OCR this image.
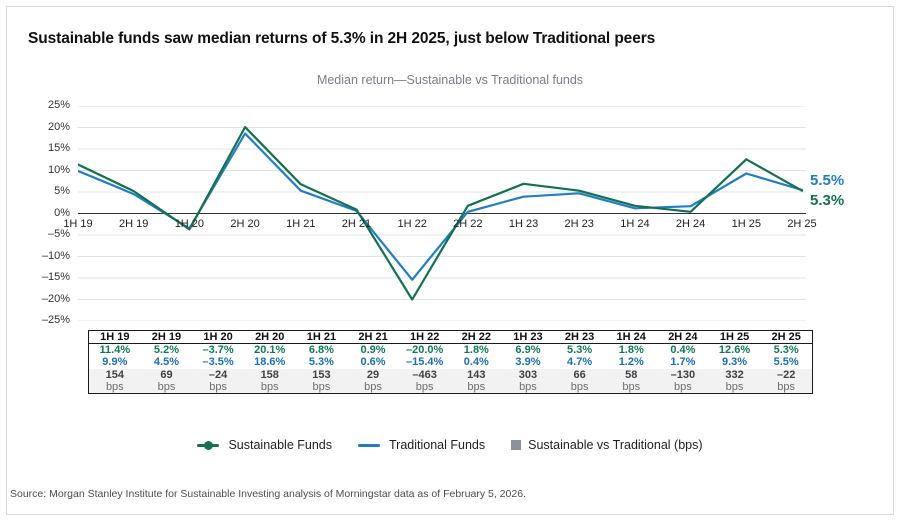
Sustainable funds saw median returns of 5.3% in 2H 2025, just below Traditional peers
Median return—Sustainable vs Traditional funds
25%
20%
15%
10%
5%
0%
–5%
–10%
–15%
–20%
–25%
1H 19	2H 19	1H 20	2H 20	1H 21	2H 21	1H 22	2H 22	1H 23	2H 23	1H 24	2H 24	1H 25	2H 25
5.5%
5.3%
1H 19	2H 19	1H 20	2H 20	1H 21	2H 21	1H 22	2H 22	1H 23	2H 23	1H 24	2H 24	1H 25	2H 25
11.4%	5.2%	–3.7%	20.1%	6.8%	0.9%	–20.0%	1.8%	6.9%	5.3%	1.8%	0.4%	12.6%	5.3%
9.9%	4.5%	–3.5%	18.6%	5.3%	0.6%	–15.4%	0.4%	3.9%	4.7%	1.2%	1.7%	9.3%	5.5%
154	69	–24	158	153	29	–463	143	303	66	58	–130	332	–22
bps	bps	bps	bps	bps	bps	bps	bps	bps	bps	bps	bps	bps	bps
Sustainable Funds	Traditional Funds	Sustainable vs Traditional (bps)
Source: Morgan Stanley Institute for Sustainable Investing analysis of Morningstar data as of February 5, 2026.
